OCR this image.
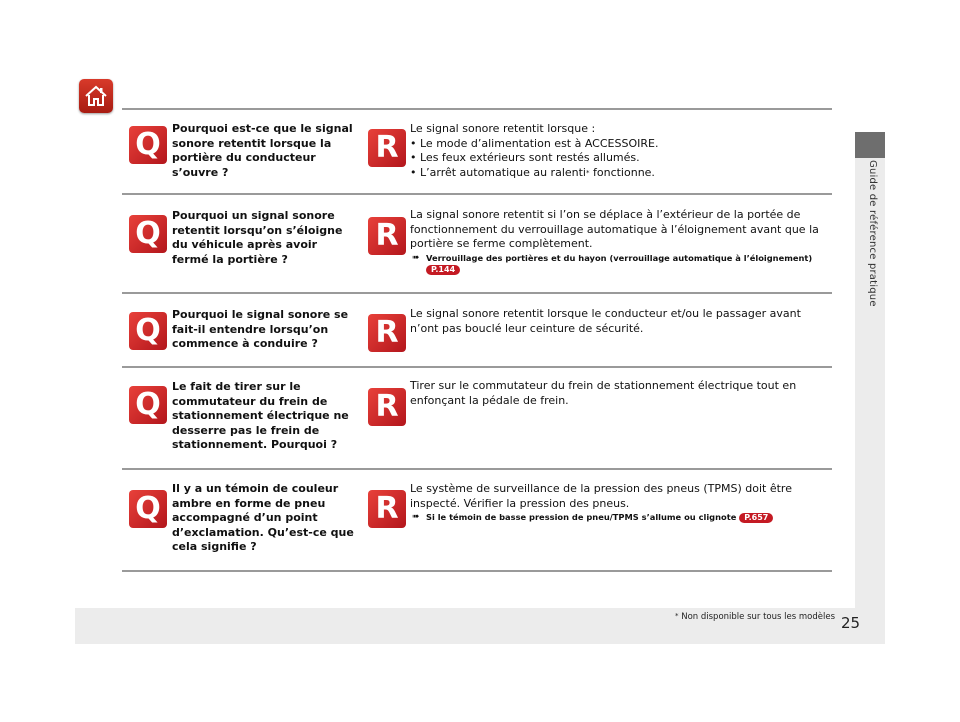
Guide de référence pratique
Q	Pourquoi est-ce que le signal sonore retentit lorsque la portière du conducteur s’ouvre ?
R
Le signal sonore retentit lorsque :
• Le mode d’alimentation est à ACCESSOIRE.
• Les feux extérieurs sont restés allumés.
• L’arrêt automatique au ralenti* fonctionne.
Q
Pourquoi un signal sonore retentit lorsqu’on s’éloigne du véhicule après avoir fermé la portière ?
R
La signal sonore retentit si l’on se déplace à l’extérieur de la portée de fonctionnement du verrouillage automatique à l’éloignement avant que la portière se ferme complètement.
➠ Verrouillage des portières et du hayon (verrouillage automatique à l’éloignement) P.144
Q	Pourquoi le signal sonore se fait-il entendre lorsqu’on commence à conduire ?	R
Le signal sonore retentit lorsque le conducteur et/ou le passager avant n’ont pas bouclé leur ceinture de sécurité.
Q
Le fait de tirer sur le commutateur du frein de stationnement électrique ne desserre pas le frein de stationnement. Pourquoi ?
R
Tirer sur le commutateur du frein de stationnement électrique tout en enfonçant la pédale de frein.
Q
Il y a un témoin de couleur ambre en forme de pneu accompagné d’un point d’exclamation. Qu’est-ce que cela signifie ?
R
Le système de surveillance de la pression des pneus (TPMS) doit être inspecté. Vérifier la pression des pneus.
➠ Si le témoin de basse pression de pneu/TPMS s’allume ou clignote P.657
* Non disponible sur tous les modèles 25
